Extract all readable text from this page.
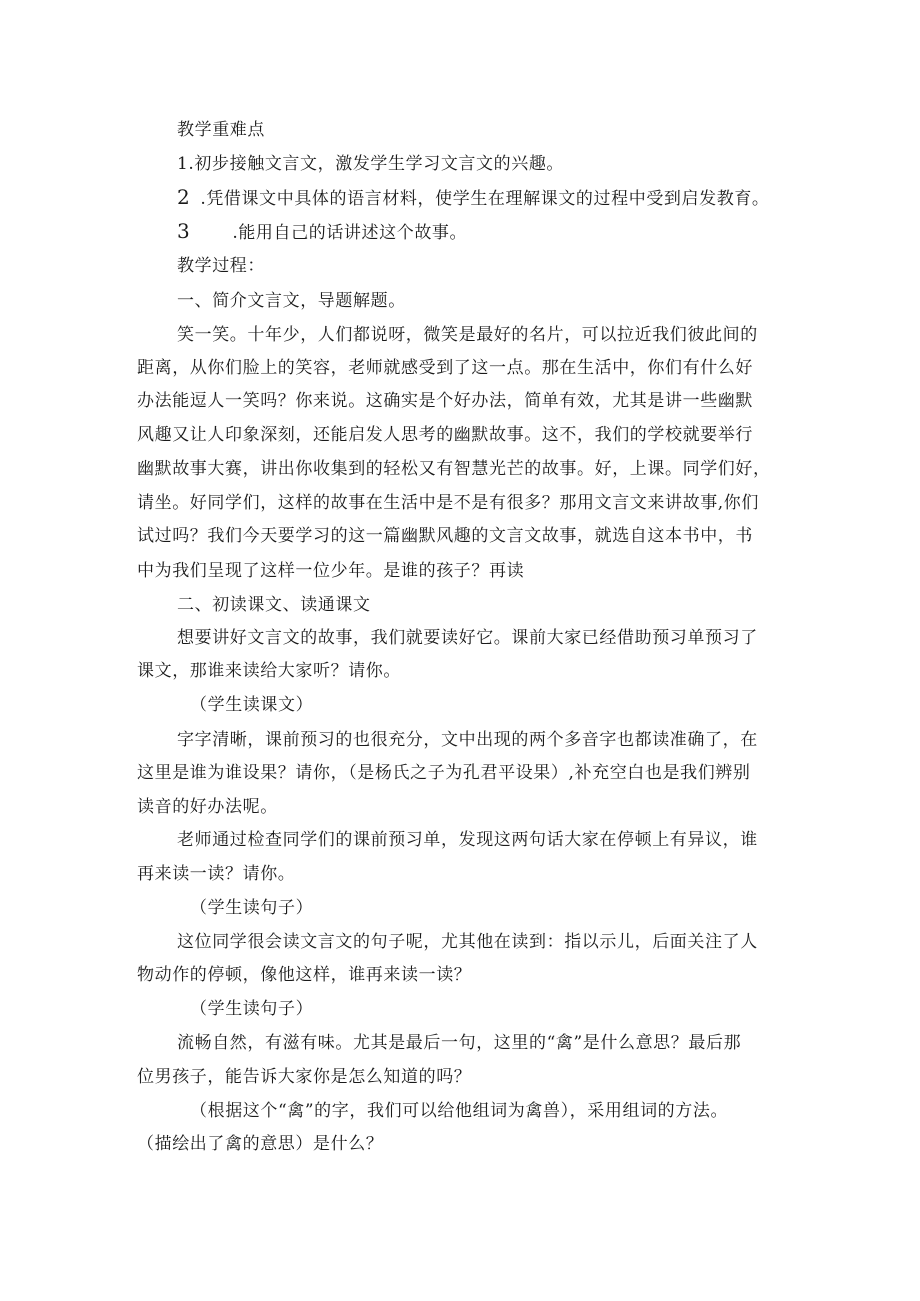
教学重难点
1.初步接触文言文，激发学生学习文言文的兴趣。
2 .凭借课文中具体的语言材料，使学生在理解课文的过程中受到启发教育。
3 .能用自己的话讲述这个故事。
教学过程：
一、简介文言文，导题解题。
笑一笑。十年少，人们都说呀，微笑是最好的名片，可以拉近我们彼此间的
距离，从你们脸上的笑容，老师就感受到了这一点。那在生活中，你们有什么好
办法能逗人一笑吗？你来说。这确实是个好办法，简单有效，尤其是讲一些幽默
风趣又让人印象深刻，还能启发人思考的幽默故事。这不，我们的学校就要举行
幽默故事大赛，讲出你收集到的轻松又有智慧光芒的故事。好，上课。同学们好，
请坐。好同学们，这样的故事在生活中是不是有很多？那用文言文来讲故事,你们
试过吗？我们今天要学习的这一篇幽默风趣的文言文故事，就选自这本书中，书
中为我们呈现了这样一位少年。是谁的孩子？再读
二、初读课文、读通课文
想要讲好文言文的故事，我们就要读好它。课前大家已经借助预习单预习了
课文，那谁来读给大家听？请你。
（学生读课文）
字字清晰，课前预习的也很充分，文中出现的两个多音字也都读准确了，在
这里是谁为谁设果？请你，（是杨氏之子为孔君平设果）,补充空白也是我们辨别
读音的好办法呢。
老师通过检查同学们的课前预习单，发现这两句话大家在停顿上有异议，谁
再来读一读？请你。
（学生读句子）
这位同学很会读文言文的句子呢，尤其他在读到：指以示儿，后面关注了人
物动作的停顿，像他这样，谁再来读一读？
（学生读句子）
流畅自然，有滋有味。尤其是最后一句，这里的“禽”是什么意思？最后那
位男孩子，能告诉大家你是怎么知道的吗？
（根据这个“禽”的字，我们可以给他组词为禽兽），采用组词的方法。
（描绘出了禽的意思）是什么？
